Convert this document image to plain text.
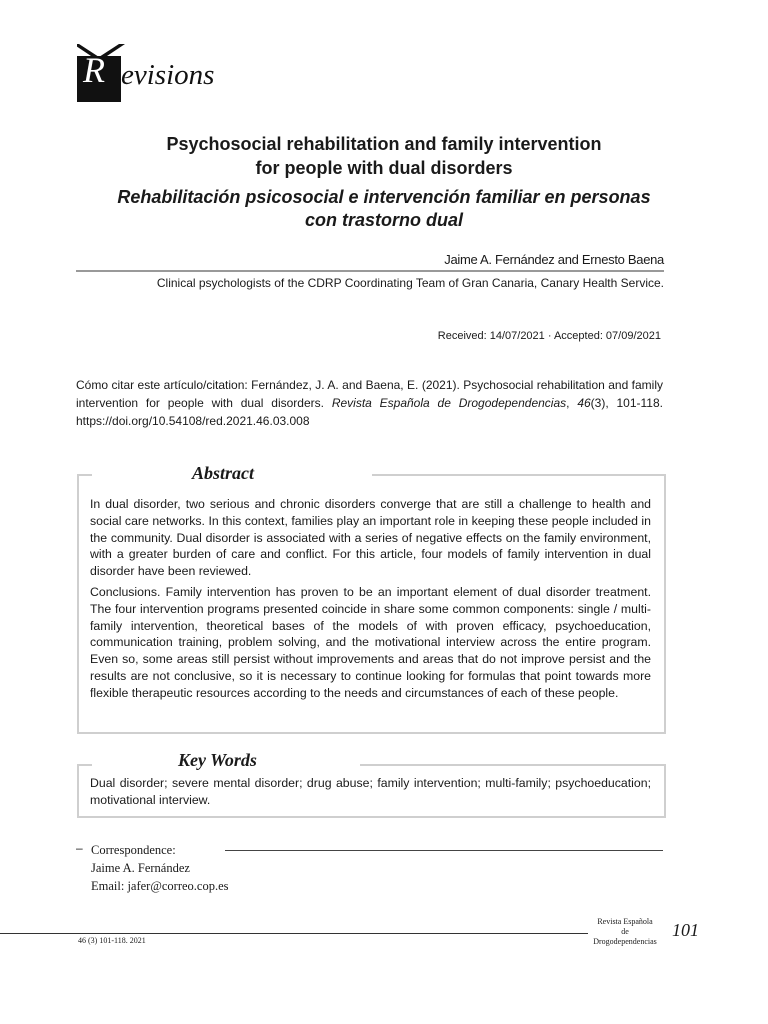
R evisions
Psychosocial rehabilitation and family intervention
for people with dual disorders
Rehabilitación psicosocial e intervención familiar en personas
con trastorno dual
Jaime A. Fernández and Ernesto Baena
Clinical psychologists of the CDRP Coordinating Team of Gran Canaria, Canary Health Service.
Received: 14/07/2021 · Accepted: 07/09/2021
Cómo citar este artículo/citation: Fernández, J. A. and Baena, E. (2021). Psychosocial rehabilitation and family intervention for people with dual disorders. Revista Española de Drogodependencias, 46(3), 101-118. https://doi.org/10.54108/red.2021.46.03.008
Abstract

In dual disorder, two serious and chronic disorders converge that are still a challenge to health and social care networks. In this context, families play an important role in keeping these people included in the community. Dual disorder is associated with a series of negative effects on the family environment, with a greater burden of care and conflict. For this article, four models of family intervention in dual disorder have been reviewed.

Conclusions. Family intervention has proven to be an important element of dual disorder treatment. The four intervention programs presented coincide in share some common components: single / multi-family intervention, theoretical bases of the models of with proven efficacy, psychoeducation, communication training, problem solving, and the motivational interview across the entire program. Even so, some areas still persist without improvements and areas that do not improve persist and the results are not conclusive, so it is necessary to continue looking for formulas that point towards more flexible therapeutic resources according to the needs and circumstances of each of these people.

Key Words
Dual disorder; severe mental disorder; drug abuse; family intervention; multi-family; psychoeducation; motivational interview.
– Correspondence:
Jaime A. Fernández
Email: jafer@correo.cop.es
46 (3) 101-118. 2021
Revista Española
de
Drogodependencias
101
